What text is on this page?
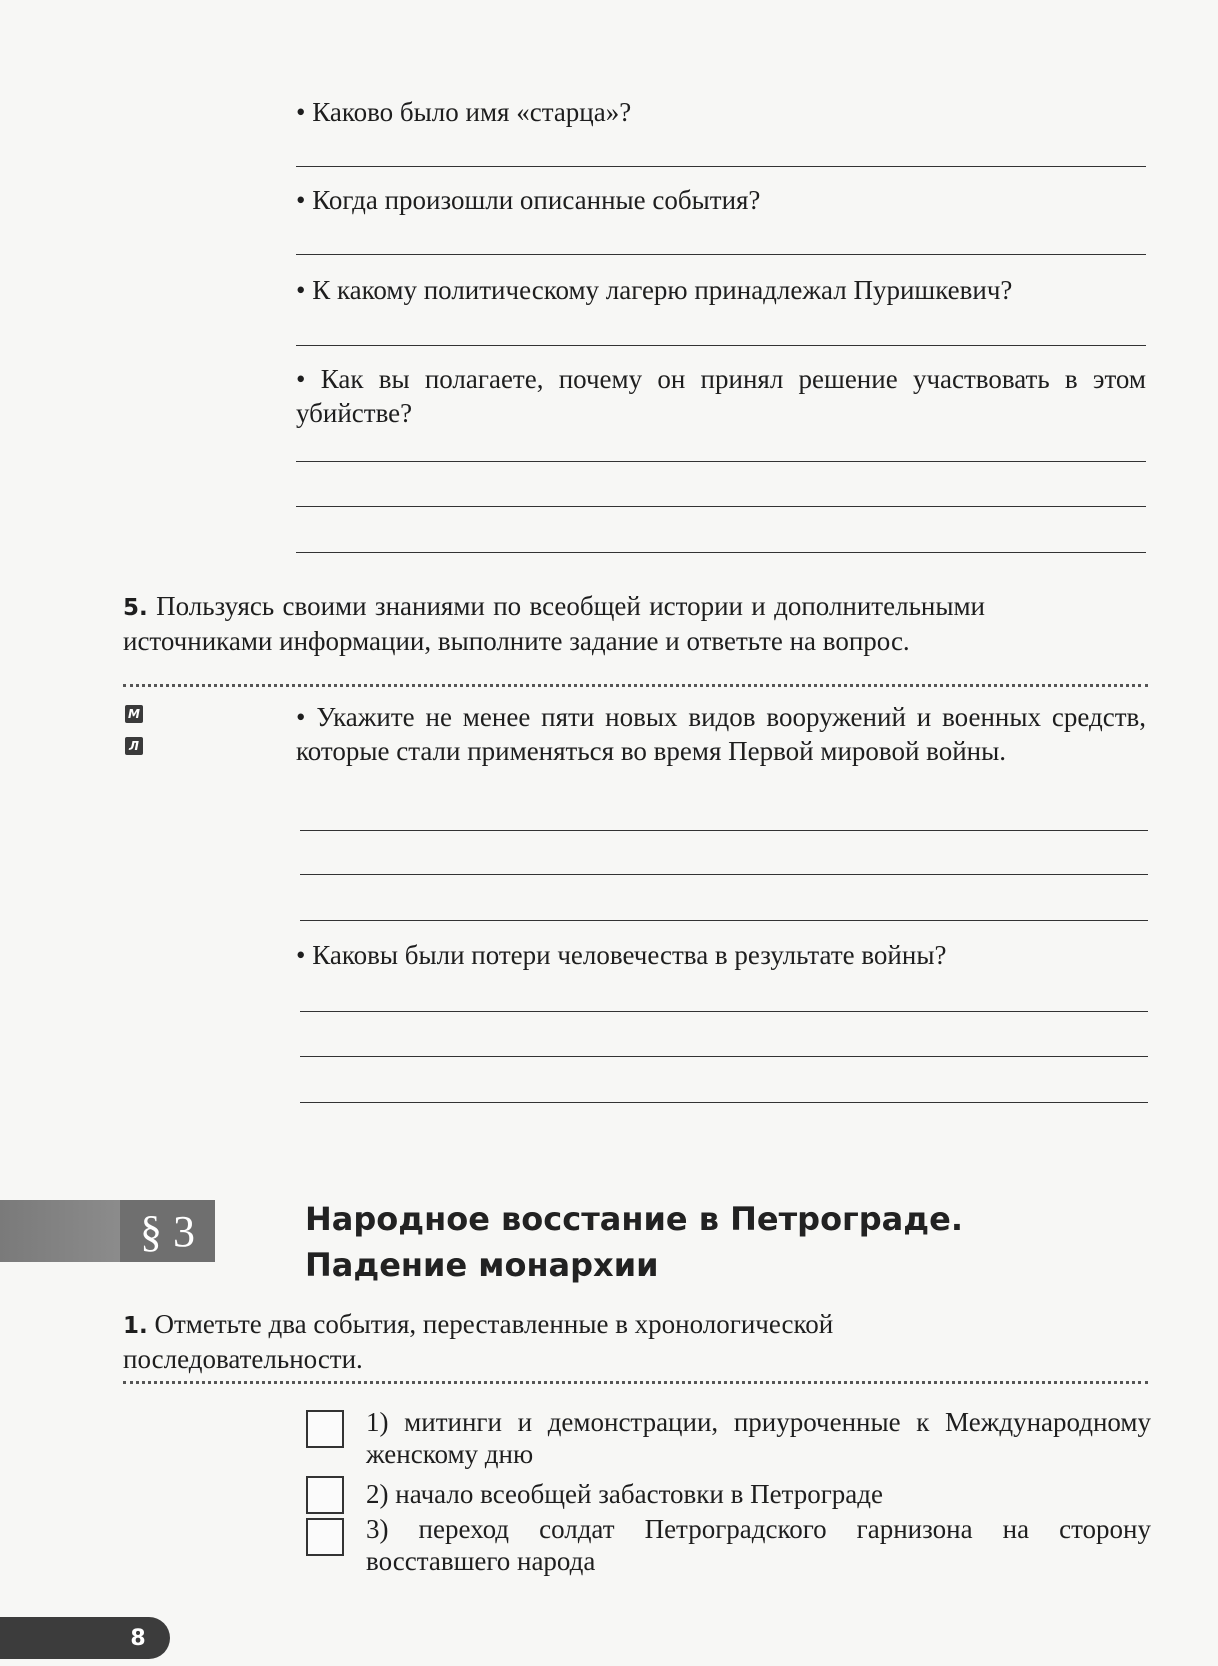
• Каково было имя «старца»?
• Когда произошли описанные события?
• К какому политическому лагерю принадлежал Пуришкевич?
• Как вы полагаете, почему он принял решение участвовать в этом убийстве?
5. Пользуясь своими знаниями по всеобщей истории и дополнительными источниками информации, выполните задание и ответьте на вопрос.
М
Л
• Укажите не менее пяти новых видов вооружений и военных средств, которые стали применяться во время Первой мировой войны.
• Каковы были потери человечества в результате войны?
§ 3	Народное восстание в Петрограде.
Падение монархии
1. Отметьте два события, переставленные в хронологической последовательности.
1) митинги и демонстрации, приуроченные к Международному женскому дню
2) начало всеобщей забастовки в Петрограде
3) переход солдат Петроградского гарнизона на сторону восставшего народа
8
